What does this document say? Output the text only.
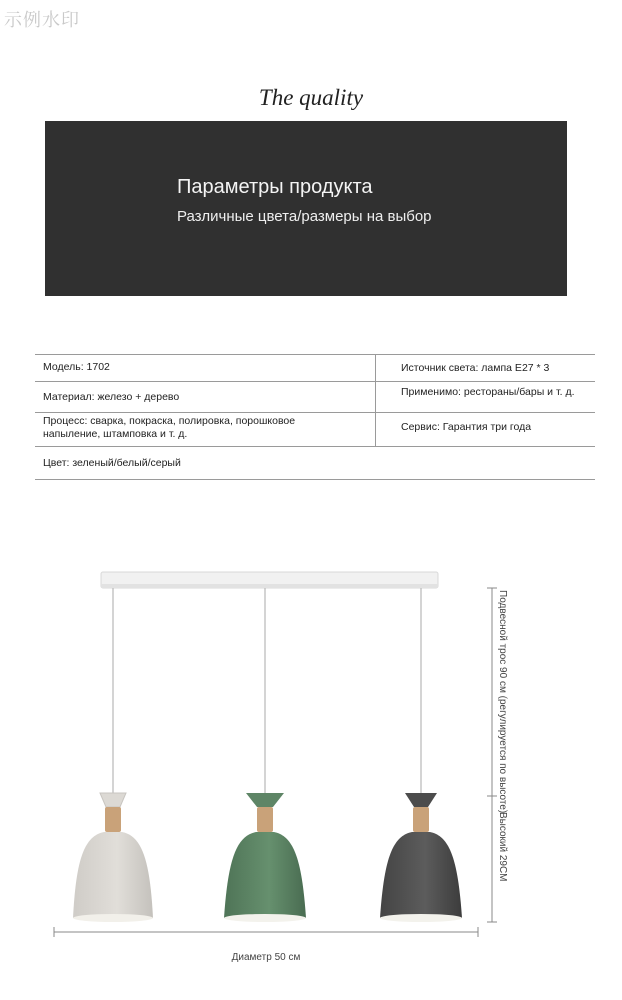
示例水印
The quality
Параметры продукта
Различные цвета/размеры на выбор
Модель: 1702	Источник света: лампа E27 * 3
Материал: железо + дерево	Применимо: рестораны/бары и т. д.
Процесс: сварка, покраска, полировка, порошковое напыление, штамповка и т. д.
Сервис: Гарантия три года
Цвет: зеленый/белый/серый
Подвесной трос 90 см (регулируется по высоте)
Высокий 29СМ
Диаметр 50 см
